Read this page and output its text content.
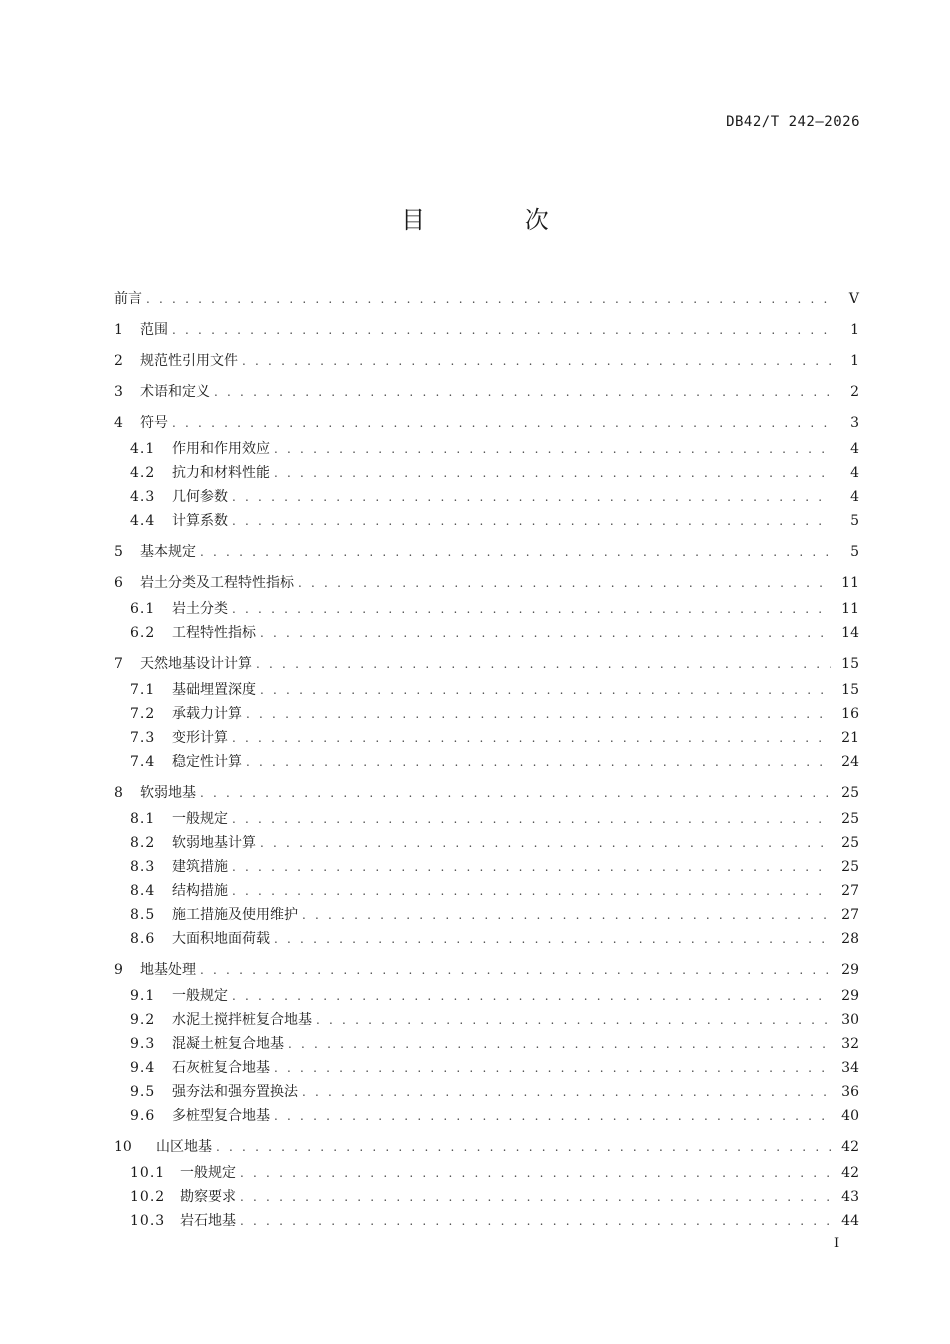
DB42/T 242—2026
目 次
前言 . . .	V
1	范围 . . .	1
2	规范性引用文件 . . .	1
3	术语和定义 . . .	2
4	符号 . . .	3
4.1	作用和作用效应 . . .	4
4.2	抗力和材料性能 . . .	4
4.3	几何参数 . . .	4
4.4	计算系数 . . .	5
5	基本规定 . . .	5
6	岩土分类及工程特性指标 . . .	11
6.1	岩土分类 . . .	11
6.2	工程特性指标 . . .	14
7	天然地基设计计算 . . .	15
7.1	基础埋置深度 . . .	15
7.2	承载力计算 . . .	16
7.3	变形计算 . . .	21
7.4	稳定性计算 . . .	24
8	软弱地基 . . .	25
8.1	一般规定 . . .	25
8.2	软弱地基计算 . . .	25
8.3	建筑措施 . . .	25
8.4	结构措施 . . .	27
8.5	施工措施及使用维护 . . .	27
8.6	大面积地面荷载 . . .	28
9	地基处理 . . .	29
9.1	一般规定 . . .	29
9.2	水泥土搅拌桩复合地基 . . .	30
9.3	混凝土桩复合地基 . . .	32
9.4	石灰桩复合地基 . . .	34
9.5	强夯法和强夯置换法 . . .	36
9.6	多桩型复合地基 . . .	40
10	山区地基 . . .	42
10.1	一般规定 . . .	42
10.2	勘察要求 . . .	43
10.3	岩石地基 . . .	44
I
